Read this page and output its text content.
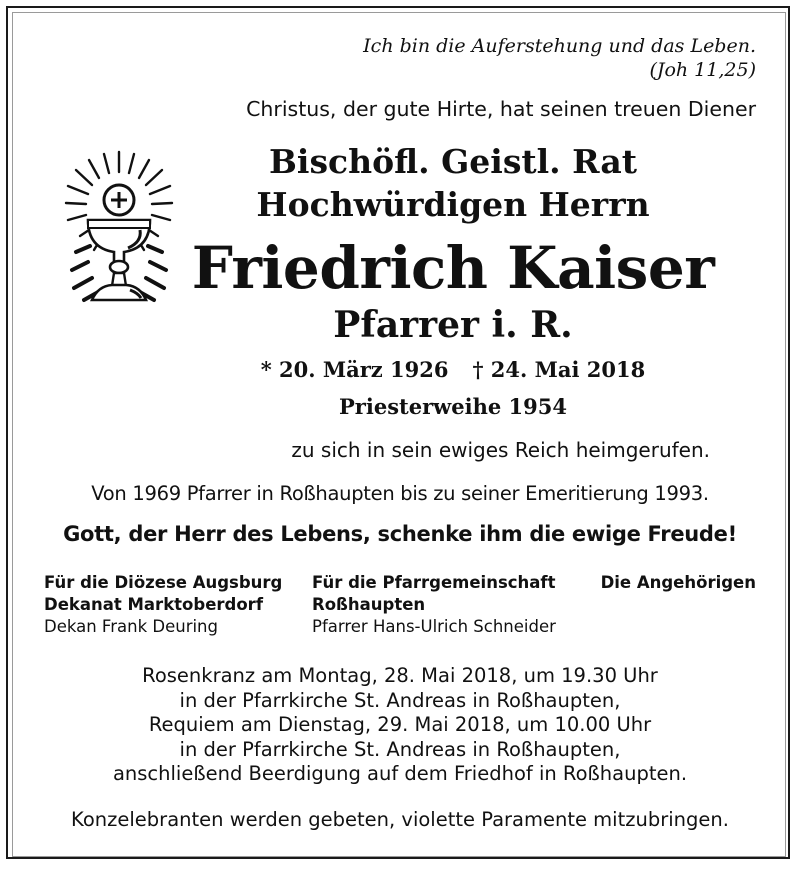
Ich bin die Auferstehung und das Leben.
(Joh 11,25)
Christus, der gute Hirte, hat seinen treuen Diener
Bischöfl. Geistl. Rat
Hochwürdigen Herrn
Friedrich Kaiser
Pfarrer i. R.
* 20. März 1926 † 24. Mai 2018
Priesterweihe 1954
zu sich in sein ewiges Reich heimgerufen.
Von 1969 Pfarrer in Roßhaupten bis zu seiner Emeritierung 1993.
Gott, der Herr des Lebens, schenke ihm die ewige Freude!
Für die Diözese Augsburg
Dekanat Marktoberdorf
Dekan Frank Deuring
Für die Pfarrgemeinschaft
Roßhaupten
Pfarrer Hans-Ulrich Schneider
Die Angehörigen
Rosenkranz am Montag, 28. Mai 2018, um 19.30 Uhr
in der Pfarrkirche St. Andreas in Roßhaupten,
Requiem am Dienstag, 29. Mai 2018, um 10.00 Uhr
in der Pfarrkirche St. Andreas in Roßhaupten,
anschließend Beerdigung auf dem Friedhof in Roßhaupten.
Konzelebranten werden gebeten, violette Paramente mitzubringen.
